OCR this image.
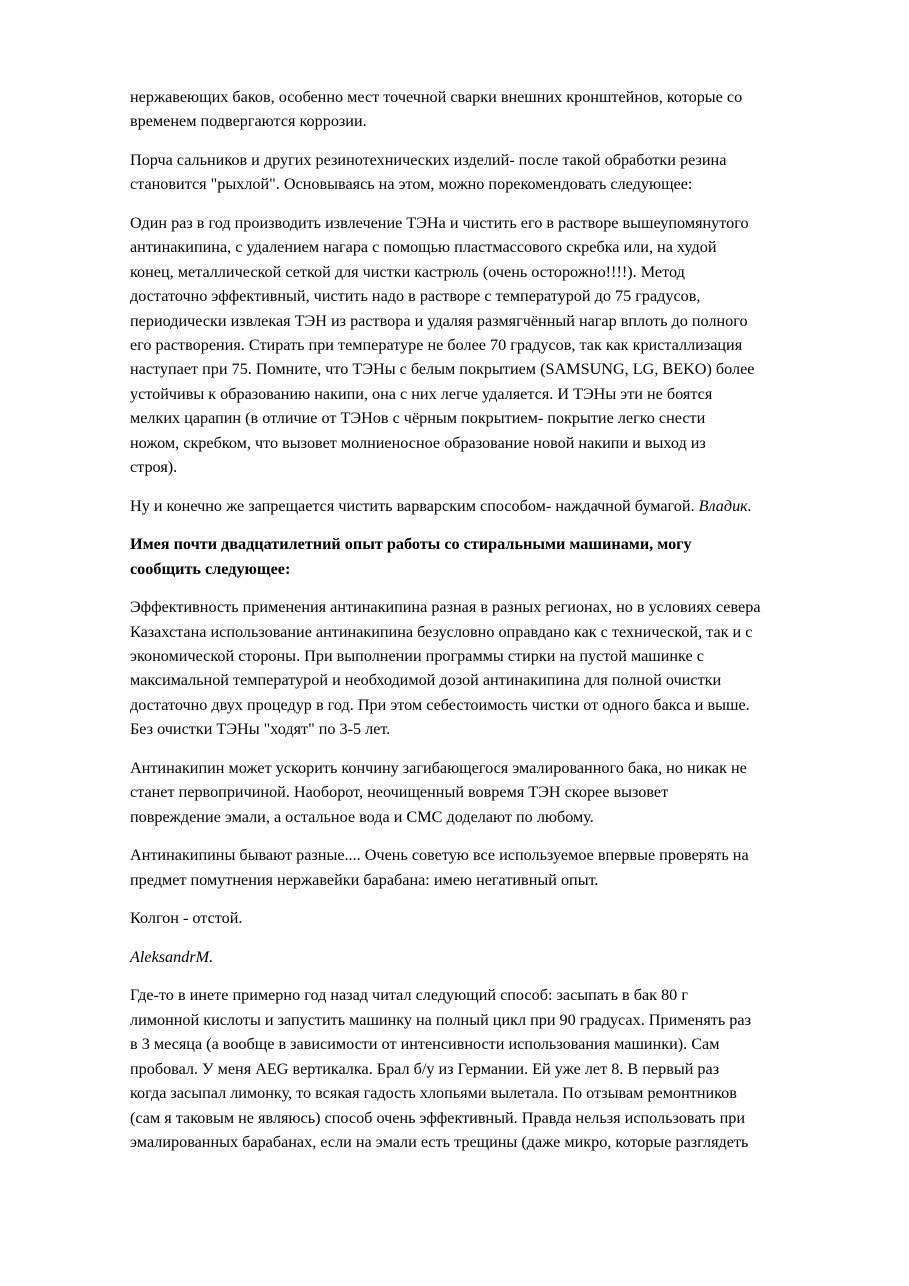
нержавеющих баков, особенно мест точечной сварки внешних кронштейнов, которые со
временем подвергаются коррозии.

Порча сальников и других резинотехнических изделий- после такой обработки резина
становится "рыхлой". Основываясь на этом, можно порекомендовать следующее:

Один раз в год производить извлечение ТЭНа и чистить его в растворе вышеупомянутого
антинакипина, с удалением нагара с помощью пластмассового скребка или, на худой
конец, металлической сеткой для чистки кастрюль (очень осторожно!!!!). Метод
достаточно эффективный, чистить надо в растворе с температурой до 75 градусов,
периодически извлекая ТЭН из раствора и удаляя размягчённый нагар вплоть до полного
его растворения. Стирать при температуре не более 70 градусов, так как кристаллизация
наступает при 75. Помните, что ТЭНы с белым покрытием (SAMSUNG, LG, BEKO) более
устойчивы к образованию накипи, она с них легче удаляется. И ТЭНы эти не боятся
мелких царапин (в отличие от ТЭНов с чёрным покрытием- покрытие легко снести
ножом, скребком, что вызовет молниеносное образование новой накипи и выход из
строя).

Ну и конечно же запрещается чистить варварским способом- наждачной бумагой. Владик.

Имея почти двадцатилетний опыт работы со стиральными машинами, могу
сообщить следующее:

Эффективность применения антинакипина разная в разных регионах, но в условиях севера
Казахстана использование антинакипина безусловно оправдано как с технической, так и с
экономической стороны. При выполнении программы стирки на пустой машинке с
максимальной температурой и необходимой дозой антинакипина для полной очистки
достаточно двух процедур в год. При этом себестоимость чистки от одного бакса и выше.
Без очистки ТЭНы "ходят" по 3-5 лет.

Антинакипин может ускорить кончину загибающегося эмалированного бака, но никак не
станет первопричиной. Наоборот, неочищенный вовремя ТЭН скорее вызовет
повреждение эмали, а остальное вода и СМС доделают по любому.

Антинакипины бывают разные.... Очень советую все используемое впервые проверять на
предмет помутнения нержавейки барабана: имею негативный опыт.

Колгон - отстой.

AleksandrM.

Где-то в инете примерно год назад читал следующий способ: засыпать в бак 80 г
лимонной кислоты и запустить машинку на полный цикл при 90 градусах. Применять раз
в 3 месяца (а вообще в зависимости от интенсивности использования машинки). Сам
пробовал. У меня AEG вертикалка. Брал б/у из Германии. Ей уже лет 8. В первый раз
когда засыпал лимонку, то всякая гадость хлопьями вылетала. По отзывам ремонтников
(сам я таковым не являюсь) способ очень эффективный. Правда нельзя использовать при
эмалированных барабанах, если на эмали есть трещины (даже микро, которые разглядеть
